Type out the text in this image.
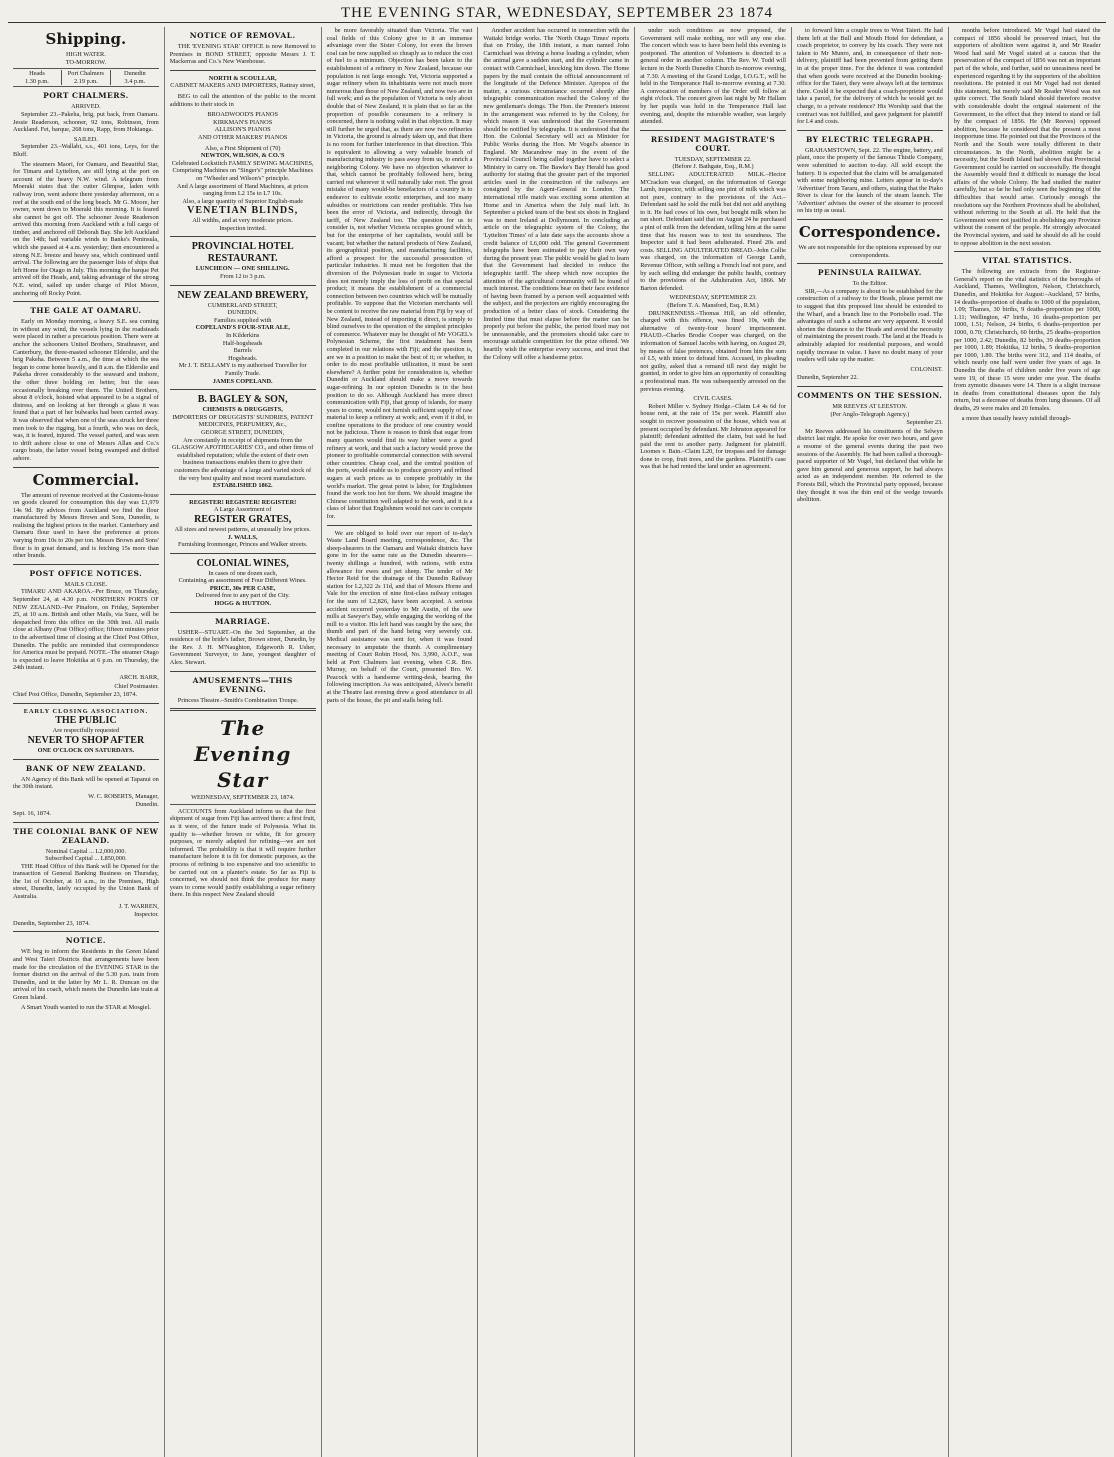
THE EVENING STAR, WEDNESDAY, SEPTEMBER 23 1874
Shipping.
HIGH WATER.
TO-MORROW.
Heads
1.30 p.m.
Port Chalmers
2.19 p.m.
Dunedin
3.4 p.m.
PORT CHALMERS.
ARRIVED.

September 23.–Pakeha, brig, put back, from Oamaru. Jessie Readerson, schooner, 92 tons, Robinson, from Auckland. Fet, barque, 268 tons, Rapp, from Hokianga.

SAILED.

September 23.–Wallabi, s.s., 401 tons, Leys, for the Bluff.

The steamers Maori, for Oamaru, and Beautiful Star, for Timaru and Lyttelton, are still lying at the port on account of the heavy N.W. wind. A telegram from Moeraki states that the cutter Glimpse, laden with railway iron, went ashore there yesterday afternoon, on a reef at the south end of the long beach. Mr G. Moore, her owner, went down to Moeraki this morning. It is feared she cannot be got off. The schooner Jessie Readerson arrived this morning from Auckland with a full cargo of timber, and anchored off Deborah Bay. She left Auckland on the 14th; had variable winds to Banks's Peninsula, which she passed at 4 a.m. yesterday; then encountered a strong N.E. breeze and heavy sea, which continued until arrival. The following are the passenger lists of ships that left Home for Otago in July. This morning the barque Pet arrived off the Heads, and, taking advantage of the strong N.E. wind, sailed up under charge of Pilot Moore, anchoring off Rocky Point.

THE GALE AT OAMARU.

Early on Monday morning, a heavy S.E. sea coming in without any wind, the vessels lying in the roadsteads were placed in rather a precarious position. There were at anchor the schooners United Brothers, Strathnaver, and Canterbury, the three-masted schooner Elderslie, and the brig Pakeha. Between 5 a.m., the time at which the sea began to come home heavily, and 8 a.m. the Elderslie and Pakeha drove considerably to the seaward and inshore, the other three holding on better, but the seas occasionally breaking over them. The United Brothers, about 8 o'clock, hoisted what appeared to be a signal of distress, and on looking at her through a glass it was found that a part of her bulwarks had been carried away. It was observed that when one of the seas struck her three men took to the rigging, but a fourth, who was on deck, was, it is feared, injured. The vessel parted, and was seen to drift ashore close to one of Messrs Allan and Co.'s cargo boats, the latter vessel being swamped and drifted ashore.

Commercial.

The amount of revenue received at the Customs-house on goods cleared for consumption this day was £1,979 14s 9d. By advices from Auckland we find the flour manufactured by Messrs Brown and Sons, Dunedin, is realising the highest prices in the market. Canterbury and Oamaru flour used to have the preference at prices varying from 10s to 20s per ton. Messrs Brown and Sons' flour is in great demand, and is fetching 15s more than other brands.

POST OFFICE NOTICES.
MAILS CLOSE.

TIMARU AND AKAROA.–Per Bruce, on Thursday, September 24, at 4.30 p.m. NORTHERN PORTS OF NEW ZEALAND.–Per Pinafore, on Friday, September 25, at 10 a.m. British and other Mails, via Suez, will be despatched from this office on the 30th inst. All mails close at Albany (Post Office) office; fifteen minutes prior to the advertised time of closing at the Chief Post Office, Dunedin. The public are reminded that correspondence for America must be prepaid. NOTE.–The steamer Otago is expected to leave Hokitika at 6 p.m. on Thursday, the 24th instant.

ARCH. BARR,
Chief Postmaster.
Chief Post Office, Dunedin, September 23, 1874.
EARLY CLOSING ASSOCIATION.
THE PUBLIC
Are respectfully requested
NEVER TO SHOP AFTER
ONE O'CLOCK ON SATURDAYS.
BANK OF NEW ZEALAND.

AN Agency of this Bank will be opened at Tapanui on the 30th instant.

W. C. ROBERTS, Manager,
Dunedin.
Sept. 16, 1874.
THE COLONIAL BANK OF NEW ZEALAND.
Nominal Capital ... L2,000,000.
Subscribed Capital ... L850,000.

THE Head Office of this Bank will be Opened for the transaction of General Banking Business on Thursday, the 1st of October, at 10 a.m., in the Premises, High street, Dunedin, lately occupied by the Union Bank of Australia.

J. T. WARREN,
Inspector.
Dunedin, September 23, 1874.
NOTICE.

WE beg to inform the Residents in the Green Island and West Taieri Districts that arrangements have been made for the circulation of the EVENING STAR in the former district on the arrival of the 5.30 p.m. train from Dunedin, and in the latter by Mr L. R. Duncan on the arrival of his coach, which meets the Dunedin late train at Green Island.

A Smart Youth wanted to run the STAR at Mosgiel.

NOTICE OF REMOVAL.

THE 'EVENING STAR' OFFICE is now Removed to Premises in BOND STREET, opposite Messrs J. T. Mackerras and Co.'s New Warehouse.

NORTH & SCOULLAR,
CABINET MAKERS AND IMPORTERS, Rattray street,

BEG to call the attention of the public to the recent additions to their stock in

BROADWOOD'S PIANOS
KIRKMAN'S PIANOS
ALLISON'S PIANOS
AND OTHER MAKERS' PIANOS
Also, a First Shipment of (70)
NEWTON, WILSON, & CO.'S
Celebrated Lockstitch FAMILY SEWING MACHINES,
Comprising Machines on "Singer's" principle Machines on "Wheeler and Wilson's" principle.
And A large assortment of Hand Machines, at prices ranging from L2 15s to L7 10s.
Also, a large quantity of Superior English-made
VENETIAN BLINDS,
All widths, and at very moderate prices.
Inspection invited.
PROVINCIAL HOTEL RESTAURANT.
LUNCHEON — ONE SHILLING.
From 12 to 3 p.m.
NEW ZEALAND BREWERY,
CUMBERLAND STREET,
DUNEDIN.
Families supplied with
COPELAND'S FOUR-STAR ALE,
In Kilderkins
Half-hogsheads
Barrels
Hogsheads.
Mr J. T. BELLAMY is my authorised Traveller for Family Trade.
JAMES COPELAND.
B. BAGLEY & SON,
CHEMISTS & DRUGGISTS,
IMPORTERS OF DRUGGISTS' SUNDRIES, PATENT MEDICINES, PERFUMERY, &c.,
GEORGE STREET, DUNEDIN,
Are constantly in receipt of shipments from the GLASGOW APOTHECARIES' CO., and other firms of established reputation; while the extent of their own business transactions enables them to give their customers the advantage of a large and varied stock of the very best quality and most recent manufacture.
ESTABLISHED 1862.
REGISTER! REGISTER! REGISTER!
A Large Assortment of
REGISTER GRATES,
All sizes and newest patterns, at unusually low prices.
J. WALLS,
Furnishing Ironmonger, Princes and Walker streets.
COLONIAL WINES,
In cases of one dozen each,
Containing an assortment of Four Different Wines.
PRICE, 30s PER CASE,
Delivered free to any part of the City.
HOGG & HUTTON.
MARRIAGE.

USHER—STUART.–On the 3rd September, at the residence of the bride's father, Brown street, Dunedin, by the Rev. J. H. M'Naughton, Edgeworth R. Usher, Government Surveyor, to Jane, youngest daughter of Alex. Stewart.

AMUSEMENTS—THIS EVENING.

Princess Theatre.–Smith's Combination Troupe.

The Evening Star
WEDNESDAY, SEPTEMBER 23, 1874.

ACCOUNTS from Auckland inform us that the first shipment of sugar from Fiji has arrived there: a first fruit, as it were, of the future trade of Polynesia. What its quality is—whether brown or white, fit for grocery purposes, or merely adapted for refining—we are not informed. The probability is that it will require further manufacture before it is fit for domestic purposes, as the process of refining is too expensive and too scientific to be carried out on a planter's estate. So far as Fiji is concerned, we should not think the produce for many years to come would justify establishing a sugar refinery there. In this respect New Zealand should

be more favorably situated than Victoria. The vast coal fields of this Colony give to it an immense advantage over the Sister Colony, for even the brown coal can be now supplied so cheaply as to reduce the cost of fuel to a minimum. Objection has been taken to the establishment of a refinery in New Zealand, because our population is not large enough. Yet, Victoria supported a sugar refinery when its inhabitants were not much more numerous than those of New Zealand, and now two are in full work; and as the population of Victoria is only about double that of New Zealand, it is plain that so far as the proportion of possible consumers to a refinery is concerned, there is nothing valid in that objection. It may still further be urged that, as there are now two refineries in Victoria, the ground is already taken up, and that there is no room for further interference in that direction. This is equivalent to allowing a very valuable branch of manufacturing industry to pass away from us, to enrich a neighboring Colony. We have no objection whatever to that, which cannot be profitably followed here, being carried out wherever it will naturally take root. The great mistake of many would-be benefactors of a country is to endeavor to cultivate exotic enterprises, and too many subsidies or restrictions can render profitable. This has been the error of Victoria, and indirectly, through the tariff, of New Zealand too. The question for us to consider is, not whether Victoria occupies ground which, but for the enterprise of her capitalists, would still be vacant; but whether the natural products of New Zealand, its geographical position, and manufacturing facilities, afford a prospect for the successful prosecution of particular industries. It must not be forgotten that the diversion of the Polynesian trade in sugar to Victoria does not merely imply the loss of profit on that special product; it means the establishment of a commercial connection between two countries which will be mutually profitable. To suppose that the Victorian merchants will be content to receive the raw material from Fiji by way of New Zealand, instead of importing it direct, is simply to blind ourselves to the operation of the simplest principles of commerce. Whatever may be thought of Mr VOGEL's Polynesian Scheme, the first instalment has been completed in our relations with Fiji; and the question is, are we in a position to make the best of it; or whether, in order to do most profitable utilization, it must be sent elsewhere? A further point for consideration is, whether Dunedin or Auckland should make a move towards sugar-refining. In our opinion Dunedin is in the best position to do so. Although Auckland has more direct communication with Fiji, that group of islands, for many years to come, would not furnish sufficient supply of raw material to keep a refinery at work; and, even if it did, to confine operations to the produce of one country would not be judicious. There is reason to think that sugar from many quarters would find its way hither were a good refinery at work, and that such a factory would prove the pioneer to profitable commercial connection with several other countries. Cheap coal, and the central position of the ports, would enable us to produce grocery and refined sugars at such prices as to compete profitably in the world's market. The great point is labor, for Englishmen found the work too hot for them. We should imagine the Chinese constitution well adapted to the work, and it is a class of labor that Englishmen would not care to compete for.

We are obliged to hold over our report of to-day's Waste Land Board meeting, correspondence, &c. The sheep-shearers in the Oamaru and Waitaki districts have gone in for the same rate as the Dunedin shearers—twenty shillings a hundred, with rations, with extra allowance for ewes and pet sheep. The tender of Mr Hector Reid for the drainage of the Dunedin Railway station for L2,322 2s 11d, and that of Messrs Horne and Vale for the erection of nine first-class railway cottages for the sum of L2,826, have been accepted. A serious accident occurred yesterday to Mr Austin, of the saw mills at Sawyer's Bay, while engaging the working of the mill to a visitor. His left hand was caught by the saw, the thumb and part of the hand being very severely cut. Medical assistance was sent for, when it was found necessary to amputate the thumb. A complimentary meeting of Court Robin Hood, No. 3,990, A.O.F., was held at Port Chalmers last evening, when C.R. Bro. Murray, on behalf of the Court, presented Bro. W. Peacock with a handsome writing-desk, bearing the following inscription. As was anticipated, Alves's benefit at the Theatre last evening drew a good attendance to all parts of the house, the pit and stalls being full.

Another accident has occurred in connection with the Waitaki bridge works. The 'North Otago Times' reports that on Friday, the 18th instant, a man named John Carmichael was driving a horse loading a cylinder, when the animal gave a sudden start, and the cylinder came in contact with Carmichael, knocking him down. The Home papers by the mail contain the official announcement of the longitude of the Defence Minister. Apropos of the matter, a curious circumstance occurred shortly after telegraphic communication reached the Colony of the new gentleman's doings. The Hon. the Premier's interest in the arrangement was referred to by the Colony, for which reason it was understood that the Government should be notified by telegraphs. It is understood that the Hon. the Colonial Secretary will act as Minister for Public Works during the Hon. Mr Vogel's absence in England. Mr Macandrew may in the event of the Provincial Council being called together have to select a Ministry to carry on. The Bawke's Bay Herald has good authority for stating that the greater part of the imported articles used in the construction of the railways are consigned by the Agent-General in London. The international rifle match was exciting some attention at Home and in America when the July mail left. In September a picked team of the best six shots in England was to meet Ireland at Dollymount. In concluding an article on the telegraphic system of the Colony, the 'Lyttelton Times' of a late date says the accounts show a credit balance of L6,000 odd. The general Government telegraphs have been estimated to pay their own way during the present year. The public would be glad to learn that the Government had decided to reduce the telegraphic tariff. The sheep which now occupies the attention of the agricultural community will be found of much interest. The conditions bear on their face evidence of having been framed by a person well acquainted with the subject, and the projectors are rightly encouraging the production of a better class of stock. Considering the limited time that must elapse before the matter can be properly put before the public, the period fixed may not be unreasonable, and the promoters should take care to encourage suitable competition for the prize offered. We heartily wish the enterprise every success, and trust that the Colony will offer a handsome prize.

under such conditions as now proposed, the Government will make nothing, nor will any one else. The concert which was to have been held this evening is postponed. The attention of Volunteers is directed to a general order in another column. The Rev. W. Todd will lecture in the North Dunedin Church to-morrow evening, at 7.30. A meeting of the Grand Lodge, I.O.G.T., will be held in the Temperance Hall to-morrow evening at 7.30. A convocation of members of the Order will follow at eight o'clock. The concert given last night by Mr Hallam by her pupils was held in the Temperance Hall last evening, and, despite the miserable weather, was largely attended.

RESIDENT MAGISTRATE'S COURT.
TUESDAY, SEPTEMBER 22.
(Before J. Bathgate, Esq., R.M.)

SELLING ADULTERATED MILK.–Hector M'Cracken was charged, on the information of George Lamb, inspector, with selling one pint of milk which was not pure, contrary to the provisions of the Act.–Defendant said he sold the milk but did not add anything to it. He had cows of his own, but bought milk when he ran short. Defendant said that on August 24 he purchased a pint of milk from the defendant, telling him at the same time that his reason was to test its soundness. The Inspector said it had been adulterated. Fined 20s and costs. SELLING ADULTERATED BREAD.–John Collie was charged, on the information of George Lamb, Revenue Officer, with selling a French loaf not pure, and by such selling did endanger the public health, contrary to the provisions of the Adulteration Act, 1866. Mr Barton defended.

WEDNESDAY, SEPTEMBER 23.
(Before T. A. Mansford, Esq., R.M.)

DRUNKENNESS.–Thomas Hill, an old offender, charged with this offence, was fined 10s, with the alternative of twenty-four hours' imprisonment. FRAUD.–Charles Brodie Cooper was charged, on the information of Samuel Jacobs with having, on August 29, by means of false pretences, obtained from him the sum of L5, with intent to defraud him. Accused, in pleading not guilty, asked that a remand till next day might be granted, in order to give him an opportunity of consulting a professional man. He was subsequently arrested on the previous evening.

CIVIL CASES.

Robert Miller v. Sydney Hodge.–Claim L4 4s 6d for house rent, at the rate of 15s per week. Plaintiff also sought to recover possession of the house, which was at present occupied by defendant. Mr Johnston appeared for plaintiff; defendant admitted the claim, but said he had paid the rent to another party. Judgment for plaintiff. Loomes v. Bain.–Claim L20, for trespass and for damage done to crop, fruit trees, and the gardens. Plaintiff's case was that he had rented the land under an agreement.

to forward him a couple trees to West Taieri. He had them left at the Bull and Mouth Hotel for defendant, a coach proprietor, to convey by his coach. They were not taken to Mr Munro, and, in consequence of their non-delivery, plaintiff had been prevented from getting them in at the proper time. For the defence it was contended that when goods were received at the Dunedin booking-office for the Taieri, they were always left at the terminus there. Could it be expected that a coach-proprietor would take a parcel, for the delivery of which he would get no charge, to a private residence? His Worship said that the contract was not fulfilled, and gave judgment for plaintiff for L4 and costs.

BY ELECTRIC TELEGRAPH.

GRAHAMSTOWN, Sept. 22. The engine, battery, and plant, once the property of the famous Thistle Company, were submitted to auction to-day. All sold except the battery. It is expected that the claim will be amalgamated with some neighboring mine. Letters appear in to-day's 'Advertiser' from Tararu, and others, stating that the Piako River is clear for the launch of the steam launch. The 'Advertiser' advises the owner of the steamer to proceed on his trip as usual.

Correspondence.
We are not responsible for the opinions expressed by our correspondents.
PENINSULA RAILWAY.
To the Editor.

SIR,—As a company is about to be established for the construction of a railway to the Heads, please permit me to suggest that this proposed line should be extended to the Wharf, and a branch line to the Portobello road. The advantages of such a scheme are very apparent. It would shorten the distance to the Heads and avoid the necessity of maintaining the present roads. The land at the Heads is admirably adapted for residential purposes, and would rapidly increase in value. I have no doubt many of your readers will take up the matter.

COLONIST.
Dunedin, September 22.
COMMENTS ON THE SESSION.
MR REEVES AT LEESTON.
(Per Anglo-Telegraph Agency.)
September 23.

Mr Reeves addressed his constituents of the Selwyn district last night. He spoke for over two hours, and gave a resume of the general events during the past two sessions of the Assembly. He had been called a thorough-paced supporter of Mr Vogel, but declared that while he gave him general and generous support, he had always acted as an independent member. He referred to the Forests Bill, which the Provincial party opposed, because they thought it was the thin end of the wedge towards abolition.

months before introduced. Mr Vogel had stated the compact of 1856 should be preserved intact, but the supporters of abolition were against it, and Mr Reader Wood had said Mr Vogel stated at a caucus that the preservation of the compact of 1856 was not an important part of the whole, and further, said no uneasiness need be experienced regarding it by the supporters of the abolition resolutions. He pointed it out Mr Vogel had not denied this statement, but merely said Mr Reader Wood was not quite correct. The South Island should therefore receive with considerable doubt the original statement of the Government, to the effect that they intend to stand or fall by the compact of 1856. He (Mr Reeves) opposed abolition, because he considered that the present a most inopportune time. He pointed out that the Provinces of the North and the South were totally different in their circumstances. In the North, abolition might be a necessity, but the South Island had shown that Provincial Government could be carried on successfully. He thought the Assembly would find it difficult to manage the local affairs of the whole Colony. He had studied the matter carefully, but so far he had only seen the beginning of the difficulties that would arise. Curiously enough the resolutions say the Northern Provinces shall be abolished, without referring to the South at all. He held that the Government were not justified in abolishing any Province without the consent of the people. He strongly advocated the Provincial system, and said he should do all he could to oppose abolition in the next session.

VITAL STATISTICS.

The following are extracts from the Registrar-General's report on the vital statistics of the boroughs of Auckland, Thames, Wellington, Nelson, Christchurch, Dunedin, and Hokitika for August:–Auckland, 57 births, 14 deaths–proportion of deaths to 1000 of the population, 1.09; Thames, 30 births, 9 deaths–proportion per 1000, 1.11; Wellington, 47 births, 16 deaths–proportion per 1000, 1.51; Nelson, 24 births, 6 deaths–proportion per 1000, 0.70; Christchurch, 60 births, 25 deaths–proportion per 1000, 2.42; Dunedin, 82 births, 39 deaths–proportion per 1000, 1.89; Hokitika, 12 births, 5 deaths–proportion per 1000, 1.89. The births were 312, and 114 deaths, of which nearly one half were under five years of age. In Dunedin the deaths of children under five years of age were 19, of these 15 were under one year. The deaths from zymotic diseases were 14. There is a slight increase in deaths from constitutional diseases upon the July return, but a decrease of deaths from lung diseases. Of all deaths, 29 were males and 20 females.

a more than usually heavy rainfall through-
